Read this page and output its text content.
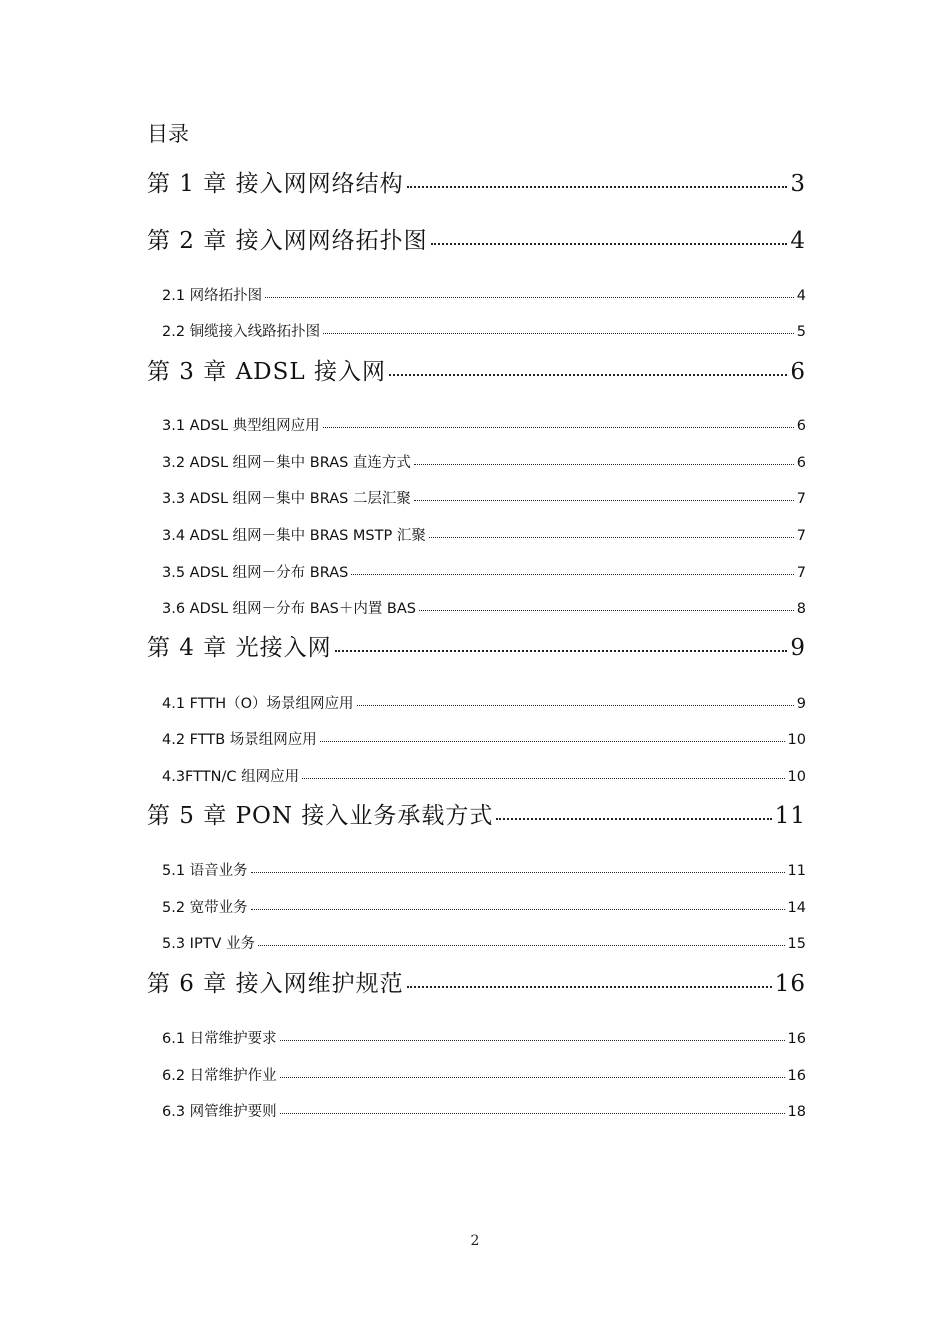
目录
第 1 章 接入网网络结构	3
第 2 章 接入网网络拓扑图	4
2.1 网络拓扑图	4
2.2 铜缆接入线路拓扑图	5
第 3 章 ADSL 接入网	6
3.1 ADSL 典型组网应用	6
3.2 ADSL 组网－集中 BRAS 直连方式	6
3.3 ADSL 组网－集中 BRAS 二层汇聚	7
3.4 ADSL 组网－集中 BRAS MSTP 汇聚	7
3.5 ADSL 组网－分布 BRAS	7
3.6 ADSL 组网－分布 BAS＋内置 BAS	8
第 4 章 光接入网	9
4.1 FTTH（O）场景组网应用	9
4.2 FTTB 场景组网应用	10
4.3FTTN/C 组网应用	10
第 5 章 PON 接入业务承载方式	11
5.1 语音业务	11
5.2 宽带业务	14
5.3 IPTV 业务	15
第 6 章 接入网维护规范	16
6.1 日常维护要求	16
6.2 日常维护作业	16
6.3 网管维护要则	18
2
